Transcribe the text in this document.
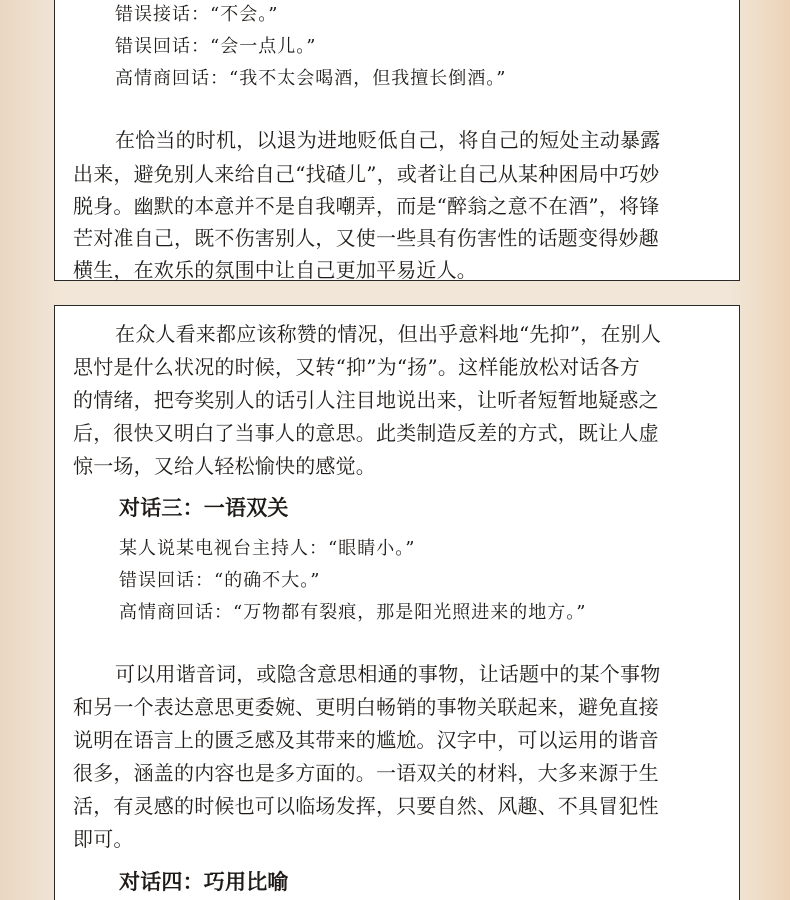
错误接话：“不会。”
错误回话：“会一点儿。”
高情商回话：“我不太会喝酒，但我擅长倒酒。”
在恰当的时机，以退为进地贬低自己，将自己的短处主动暴露
出来，避免别人来给自己“找碴儿”，或者让自己从某种困局中巧妙
脱身。幽默的本意并不是自我嘲弄，而是“醉翁之意不在酒”，将锋
芒对准自己，既不伤害别人，又使一些具有伤害性的话题变得妙趣
横生，在欢乐的氛围中让自己更加平易近人。
在众人看来都应该称赞的情况，但出乎意料地“先抑”，在别人
思忖是什么状况的时候，又转“抑”为“扬”。这样能放松对话各方
的情绪，把夸奖别人的话引人注目地说出来，让听者短暂地疑惑之
后，很快又明白了当事人的意思。此类制造反差的方式，既让人虚
惊一场，又给人轻松愉快的感觉。
对话三：一语双关
某人说某电视台主持人：“眼睛小。”
错误回话：“的确不大。”
高情商回话：“万物都有裂痕，那是阳光照进来的地方。”
可以用谐音词，或隐含意思相通的事物，让话题中的某个事物
和另一个表达意思更委婉、更明白畅销的事物关联起来，避免直接
说明在语言上的匮乏感及其带来的尴尬。汉字中，可以运用的谐音
很多，涵盖的内容也是多方面的。一语双关的材料，大多来源于生
活，有灵感的时候也可以临场发挥，只要自然、风趣、不具冒犯性
即可。
对话四：巧用比喻
